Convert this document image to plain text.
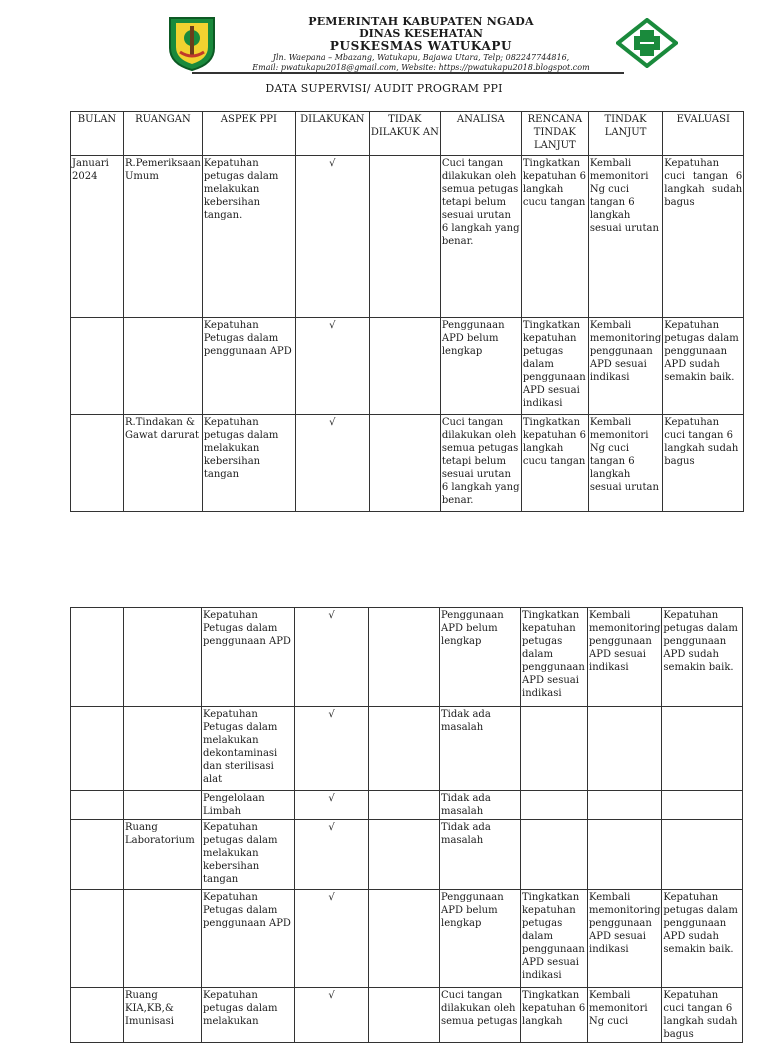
PEMERINTAH KABUPATEN NGADA
DINAS KESEHATAN
PUSKESMAS WATUKAPU
Jln. Waepana – Mbazang, Watukapu, Bajawa Utara, Telp; 082247744816,
Email: pwatukapu2018@gmail.com, Website: https://pwatukapu2018.blogspot.com
DATA SUPERVISI/ AUDIT PROGRAM PPI
BULAN	RUANGAN	ASPEK PPI	DILAKUKAN	TIDAK DILAKUK AN	ANALISA	RENCANA TINDAK LANJUT	TINDAK LANJUT	EVALUASI
Januari 2024	R.Pemeriksaan Umum	Kepatuhan petugas dalam melakukan kebersihan tangan.	√		Cuci tangan dilakukan oleh semua petugas tetapi belum sesuai urutan 6 langkah yang benar.	Tingkatkan kepatuhan 6 langkah cucu tangan	Kembali memonitori Ng cuci tangan 6 langkah sesuai urutan	Kepatuhan cuci tangan 6 langkah sudah bagus
		Kepatuhan Petugas dalam penggunaan APD	√		Penggunaan APD belum lengkap	Tingkatkan kepatuhan petugas dalam penggunaan APD sesuai indikasi	Kembali memonitoring penggunaan APD sesuai indikasi	Kepatuhan petugas dalam penggunaan APD sudah semakin baik.
	R.Tindakan & Gawat darurat	Kepatuhan petugas dalam melakukan kebersihan tangan	√		Cuci tangan dilakukan oleh semua petugas tetapi belum sesuai urutan 6 langkah yang benar.	Tingkatkan kepatuhan 6 langkah cucu tangan	Kembali memonitori Ng cuci tangan 6 langkah sesuai urutan	Kepatuhan cuci tangan 6 langkah sudah bagus
		Kepatuhan Petugas dalam penggunaan APD	√		Penggunaan APD belum lengkap	Tingkatkan kepatuhan petugas dalam penggunaan APD sesuai indikasi	Kembali memonitoring penggunaan APD sesuai indikasi	Kepatuhan petugas dalam penggunaan APD sudah semakin baik.
		Kepatuhan Petugas dalam melakukan dekontaminasi dan sterilisasi alat	√		Tidak ada masalah			
		Pengelolaan Limbah	√		Tidak ada masalah			
	Ruang Laboratorium	Kepatuhan petugas dalam melakukan kebersihan tangan	√		Tidak ada masalah			
		Kepatuhan Petugas dalam penggunaan APD	√		Penggunaan APD belum lengkap	Tingkatkan kepatuhan petugas dalam penggunaan APD sesuai indikasi	Kembali memonitoring penggunaan APD sesuai indikasi	Kepatuhan petugas dalam penggunaan APD sudah semakin baik.
	Ruang KIA,KB,& Imunisasi	Kepatuhan petugas dalam melakukan	√		Cuci tangan dilakukan oleh semua petugas	Tingkatkan kepatuhan 6 langkah	Kembali memonitori Ng cuci	Kepatuhan cuci tangan 6 langkah sudah bagus
